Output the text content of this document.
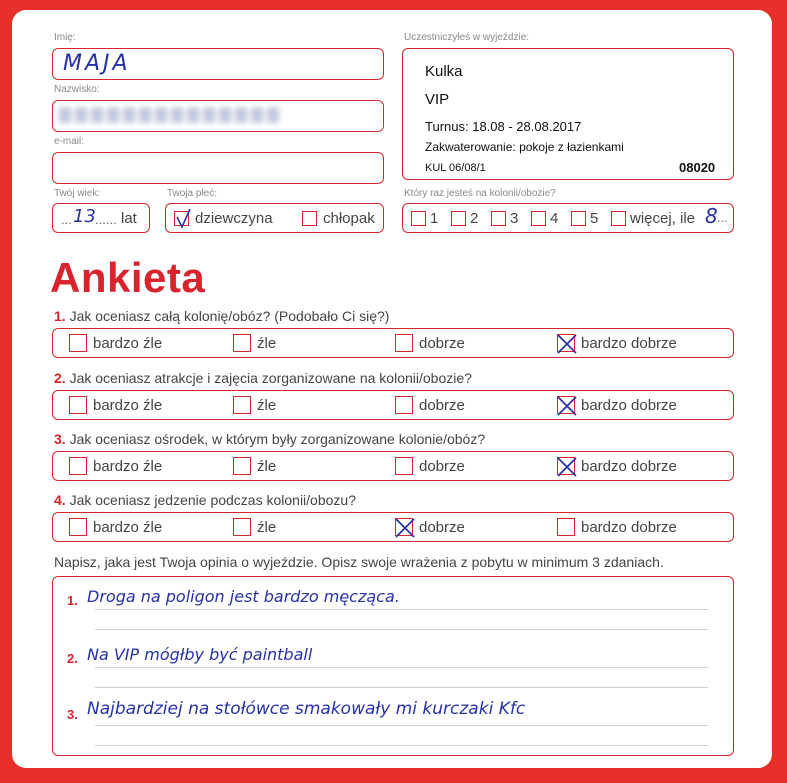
Imię:
MAJA
Nazwisko:
e-mail:
Twój wiek:
... 13 ...... lat
Twoja płeć:
dziewczyna	chłopak
Uczestniczyłeś w wyjeździe:
Kulka
VIP
Turnus: 18.08 - 28.08.2017
Zakwaterowanie: pokoje z łazienkami
KUL 06/08/1	08020
Który raz jesteś na kolonii/obozie?
1 2 3 4 5 więcej, ile 8 ...
Ankieta
1. Jak oceniasz całą kolonię/obóz? (Podobało Ci się?)
bardzo źle	źle	dobrze	bardzo dobrze
2. Jak oceniasz atrakcje i zajęcia zorganizowane na kolonii/obozie?
bardzo źle	źle	dobrze	bardzo dobrze
3. Jak oceniasz ośrodek, w którym były zorganizowane kolonie/obóz?
bardzo źle	źle	dobrze	bardzo dobrze
4. Jak oceniasz jedzenie podczas kolonii/obozu?
bardzo źle	źle	dobrze	bardzo dobrze
Napisz, jaka jest Twoja opinia o wyjeździe. Opisz swoje wrażenia z pobytu w minimum 3 zdaniach.
1. Droga na poligon jest bardzo męcząca.
2. Na VIP mógłby być paintball
3. Najbardziej na stołówce smakowały mi kurczaki Kfc
